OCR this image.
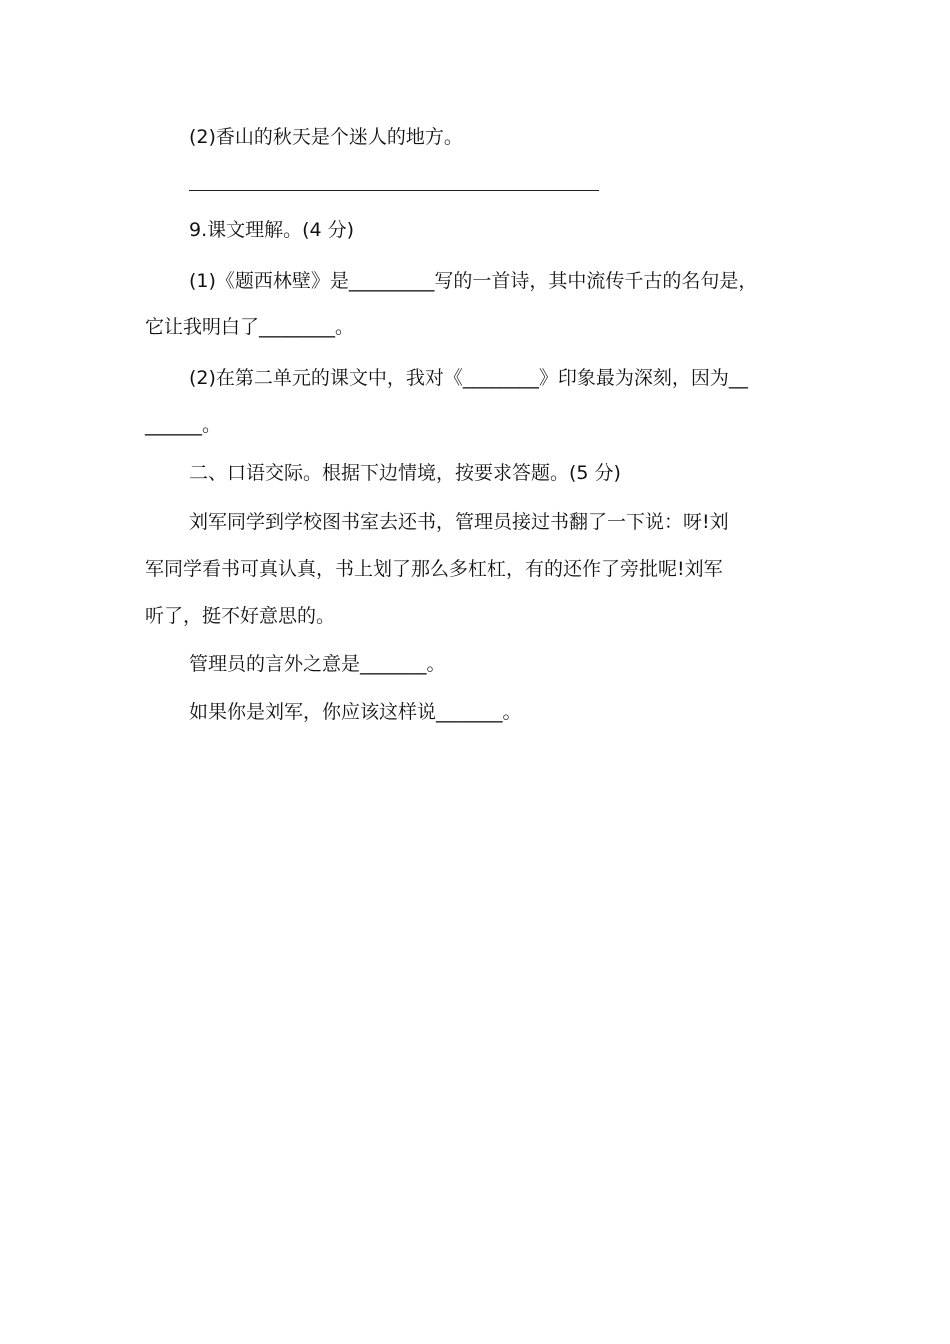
(2)香山的秋天是个迷人的地方。
9.课文理解。(4 分)
(1)《题西林壁》是_________写的一首诗，其中流传千古的名句是，
它让我明白了________。
(2)在第二单元的课文中，我对《________》印象最为深刻，因为__
______。
二、口语交际。根据下边情境，按要求答题。(5 分)
刘军同学到学校图书室去还书，管理员接过书翻了一下说：呀!刘
军同学看书可真认真，书上划了那么多杠杠，有的还作了旁批呢!刘军
听了，挺不好意思的。
管理员的言外之意是_______。
如果你是刘军，你应该这样说_______。
